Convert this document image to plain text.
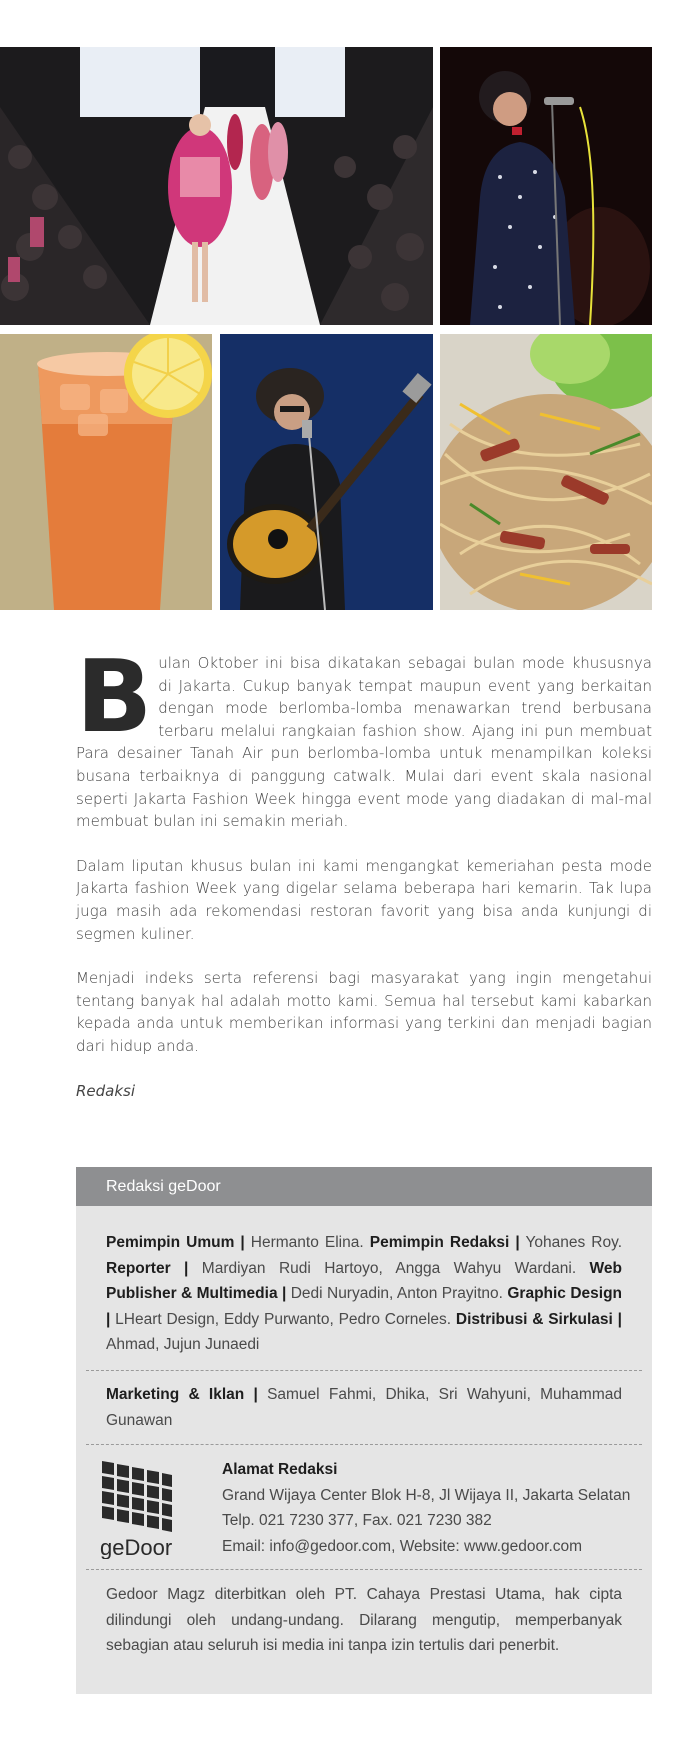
Bulan Oktober ini bisa dikatakan sebagai bulan mode khususnya di Jakarta. Cukup banyak tempat maupun event yang berkaitan dengan mode berlomba-lomba menawarkan trend berbusana terbaru melalui rangkaian fashion show. Ajang ini pun membuat Para desainer Tanah Air pun berlomba-lomba untuk menampilkan koleksi busana terbaiknya di panggung catwalk. Mulai dari event skala nasional seperti Jakarta Fashion Week hingga event mode yang diadakan di mal-mal membuat bulan ini semakin meriah.

Dalam liputan khusus bulan ini kami mengangkat kemeriahan pesta mode Jakarta fashion Week yang digelar selama beberapa hari kemarin. Tak lupa juga masih ada rekomendasi restoran favorit yang bisa anda kunjungi di segmen kuliner.

Menjadi indeks serta referensi bagi masyarakat yang ingin mengetahui tentang banyak hal adalah motto kami. Semua hal tersebut kami kabarkan kepada anda untuk memberikan informasi yang terkini dan menjadi bagian dari hidup anda.

Redaksi

Redaksi geDoor
Pemimpin Umum | Hermanto Elina. Pemimpin Redaksi | Yohanes Roy. Reporter | Mardiyan Rudi Hartoyo, Angga Wahyu Wardani. Web Publisher & Multimedia | Dedi Nuryadin, Anton Prayitno. Graphic Design | LHeart Design, Eddy Purwanto, Pedro Corneles. Distribusi & Sirkulasi | Ahmad, Jujun Junaedi
Marketing & Iklan | Samuel Fahmi, Dhika, Sri Wahyuni, Muhammad Gunawan
geDoor
Alamat Redaksi
Grand Wijaya Center Blok H-8, Jl Wijaya II, Jakarta Selatan
Telp. 021 7230 377, Fax. 021 7230 382
Email: info@gedoor.com, Website: www.gedoor.com
Gedoor Magz diterbitkan oleh PT. Cahaya Prestasi Utama, hak cipta dilindungi oleh undang-undang. Dilarang mengutip, memperbanyak sebagian atau seluruh isi media ini tanpa izin tertulis dari penerbit.
